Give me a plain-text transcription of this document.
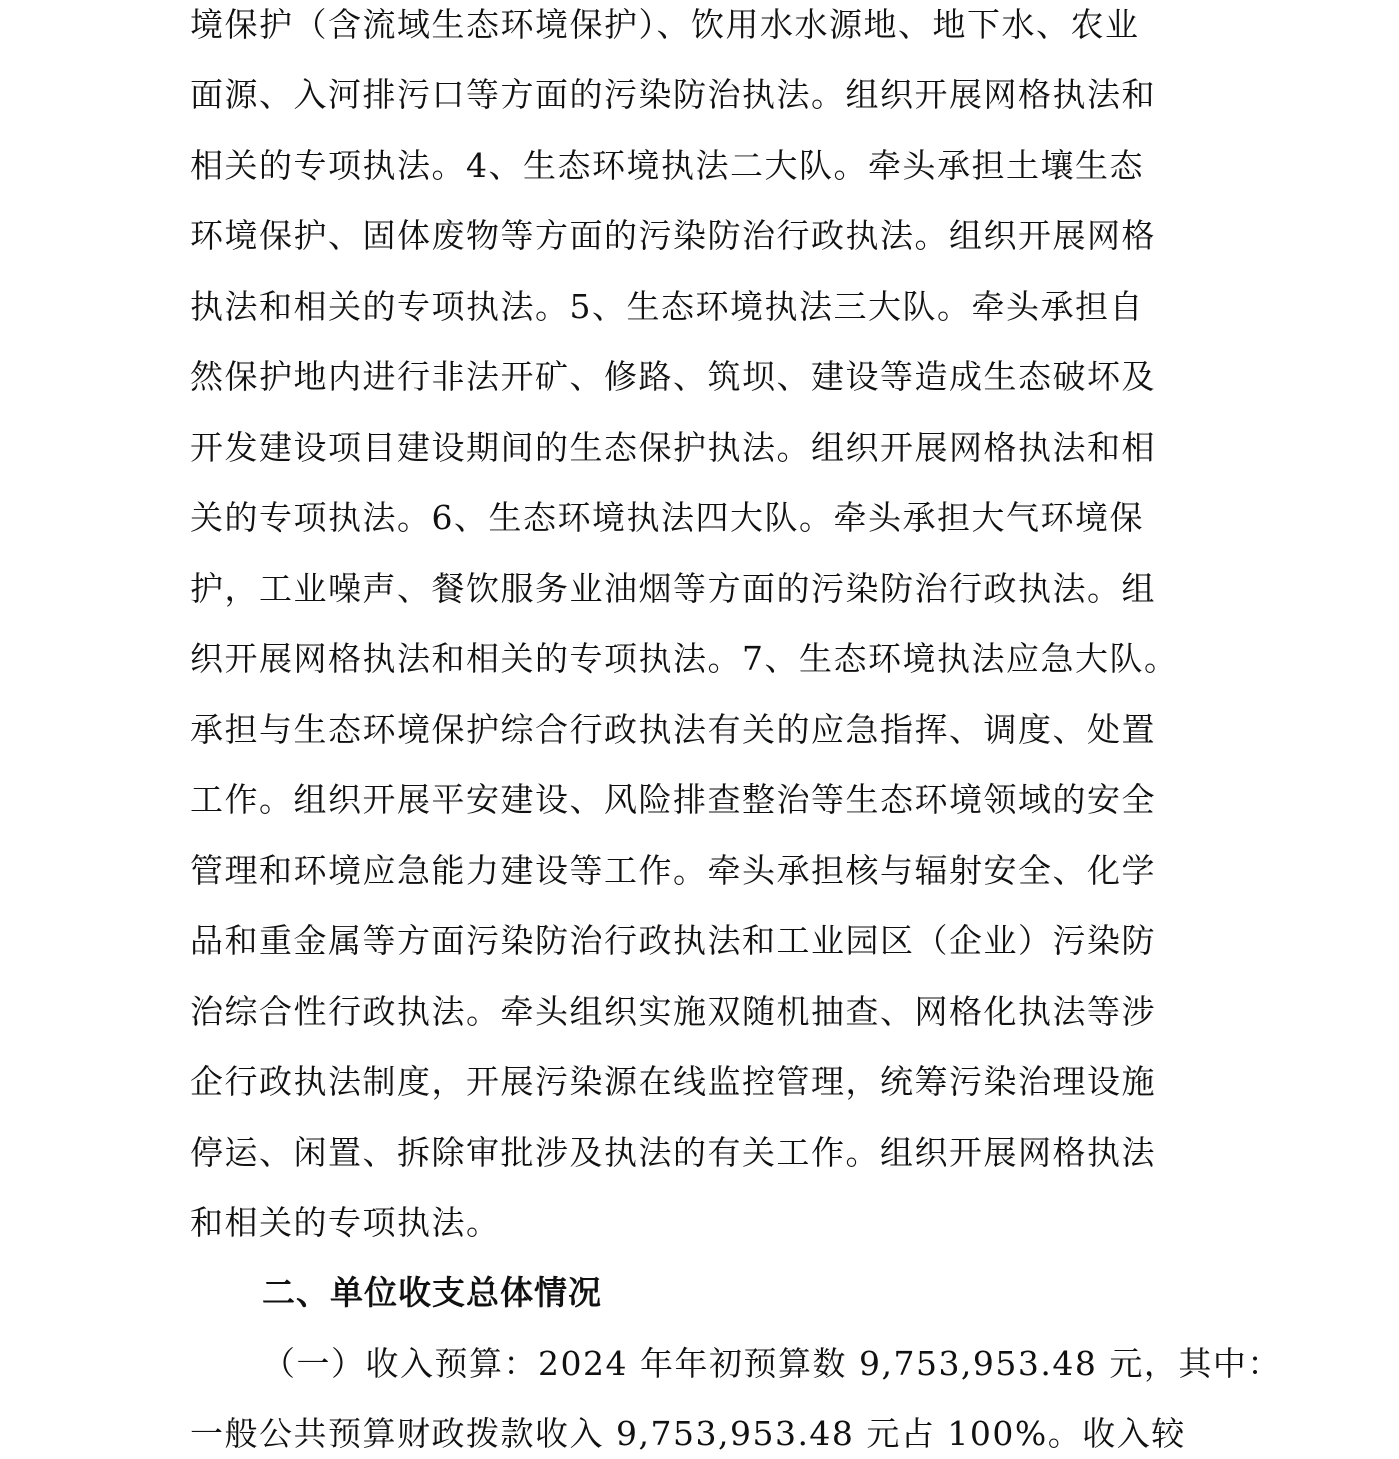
境保护（含流域生态环境保护）、饮用水水源地、地下水、农业
面源、入河排污口等方面的污染防治执法。组织开展网格执法和
相关的专项执法。4、生态环境执法二大队。牵头承担土壤生态
环境保护、固体废物等方面的污染防治行政执法。组织开展网格
执法和相关的专项执法。5、生态环境执法三大队。牵头承担自
然保护地内进行非法开矿、修路、筑坝、建设等造成生态破坏及
开发建设项目建设期间的生态保护执法。组织开展网格执法和相
关的专项执法。6、生态环境执法四大队。牵头承担大气环境保
护，工业噪声、餐饮服务业油烟等方面的污染防治行政执法。组
织开展网格执法和相关的专项执法。7、生态环境执法应急大队。
承担与生态环境保护综合行政执法有关的应急指挥、调度、处置
工作。组织开展平安建设、风险排查整治等生态环境领域的安全
管理和环境应急能力建设等工作。牵头承担核与辐射安全、化学
品和重金属等方面污染防治行政执法和工业园区（企业）污染防
治综合性行政执法。牵头组织实施双随机抽查、网格化执法等涉
企行政执法制度，开展污染源在线监控管理，统筹污染治理设施
停运、闲置、拆除审批涉及执法的有关工作。组织开展网格执法
和相关的专项执法。
二、单位收支总体情况
（一）收入预算：2024 年年初预算数 9,753,953.48 元，其中：
一般公共预算财政拨款收入 9,753,953.48 元占 100%。收入较
